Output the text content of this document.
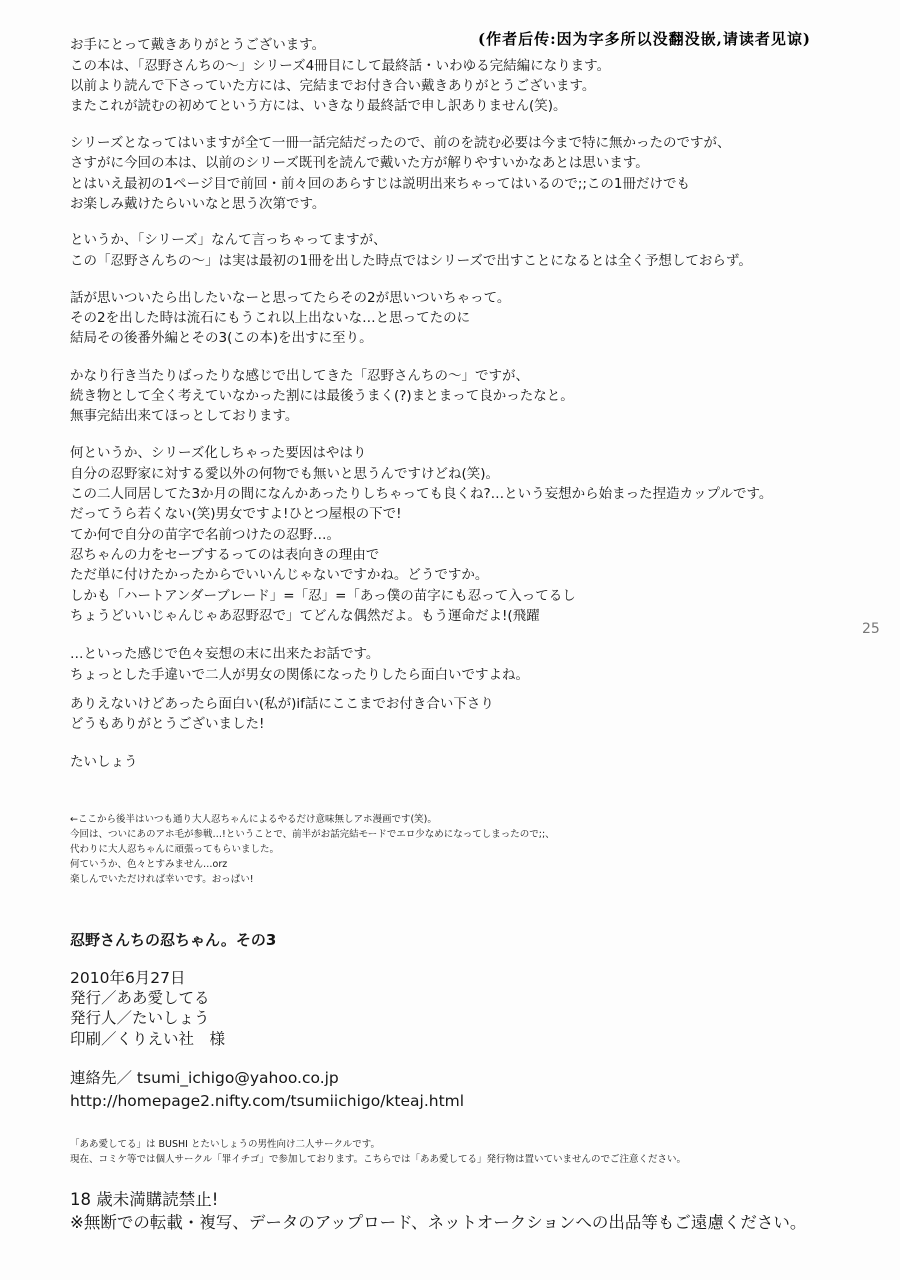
(作者后传:因为字多所以没翻没嵌,请读者见谅)
25
お手にとって戴きありがとうございます。
この本は、「忍野さんちの～」シリーズ4冊目にして最終話・いわゆる完結編になります。
以前より読んで下さっていた方には、完結までお付き合い戴きありがとうございます。
またこれが読むの初めてという方には、いきなり最終話で申し訳ありません(笑)。
シリーズとなってはいますが全て一冊一話完結だったので、前のを読む必要は今まで特に無かったのですが、
さすがに今回の本は、以前のシリーズ既刊を読んで戴いた方が解りやすいかなあとは思います。
とはいえ最初の1ページ目で前回・前々回のあらすじは説明出来ちゃってはいるので;;この1冊だけでも
お楽しみ戴けたらいいなと思う次第です。
というか、「シリーズ」なんて言っちゃってますが、
この「忍野さんちの～」は実は最初の1冊を出した時点ではシリーズで出すことになるとは全く予想しておらず。
話が思いついたら出したいなーと思ってたらその2が思いついちゃって。
その2を出した時は流石にもうこれ以上出ないな…と思ってたのに
結局その後番外編とその3(この本)を出すに至り。
かなり行き当たりばったりな感じで出してきた「忍野さんちの～」ですが、
続き物として全く考えていなかった割には最後うまく(?)まとまって良かったなと。
無事完結出来てほっとしております。
何というか、シリーズ化しちゃった要因はやはり
自分の忍野家に対する愛以外の何物でも無いと思うんですけどね(笑)。
この二人同居してた3か月の間になんかあったりしちゃっても良くね?…という妄想から始まった捏造カップルです。
だってうら若くない(笑)男女ですよ!ひとつ屋根の下で!
てか何で自分の苗字で名前つけたの忍野…。
忍ちゃんの力をセーブするってのは表向きの理由で
ただ単に付けたかったからでいいんじゃないですかね。どうですか。
しかも「ハートアンダーブレード」=「忍」=「あっ僕の苗字にも忍って入ってるし
ちょうどいいじゃんじゃあ忍野忍で」てどんな偶然だよ。もう運命だよ!(飛躍
…といった感じで色々妄想の末に出来たお話です。
ちょっとした手違いで二人が男女の関係になったりしたら面白いですよね。
ありえないけどあったら面白い(私が)if話にここまでお付き合い下さり
どうもありがとうございました!
たいしょう
←ここから後半はいつも通り大人忍ちゃんによるやるだけ意味無しアホ漫画です(笑)。
今回は、ついにあのアホ毛が参戦…!ということで、前半がお話完結モードでエロ少なめになってしまったので;;、
代わりに大人忍ちゃんに頑張ってもらいました。
何ていうか、色々とすみません…orz
楽しんでいただければ幸いです。おっぱい!
忍野さんちの忍ちゃん。その3
2010年6月27日
発行／ああ愛してる
発行人／たいしょう
印刷／くりえい社　様
連絡先／ tsumi_ichigo@yahoo.co.jp
http://homepage2.nifty.com/tsumiichigo/kteaj.html
「ああ愛してる」は BUSHI とたいしょうの男性向け二人サークルです。
現在、コミケ等では個人サークル「罪イチゴ」で参加しております。こちらでは「ああ愛してる」発行物は置いていませんのでご注意ください。
18 歳未満購読禁止!
※無断での転載・複写、データのアップロード、ネットオークションへの出品等もご遠慮ください。
